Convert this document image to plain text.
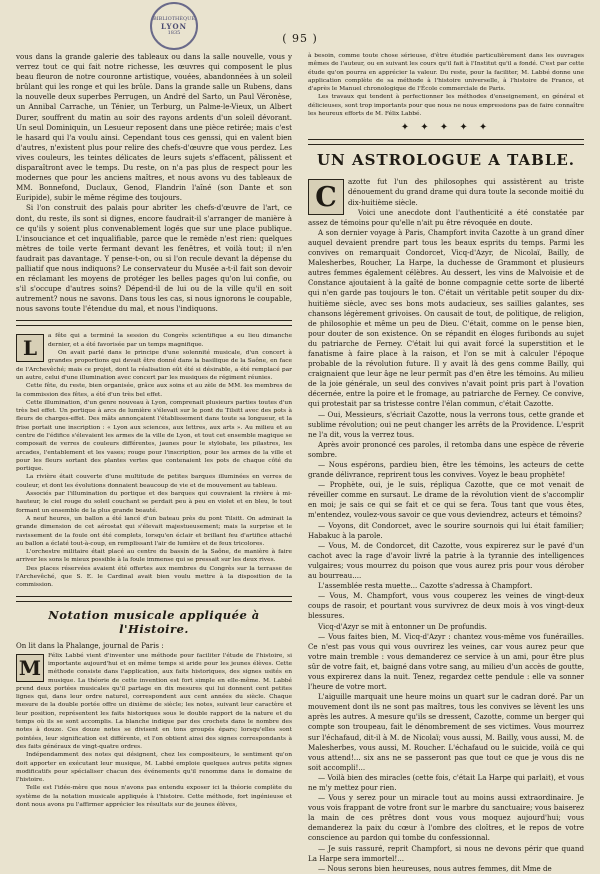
BIBLIOTHÈQUE
LYON
1835	( 95 )

vous dans la grande galerie des tableaux ou dans la salle nouvelle, vous y verrez tout ce qui fait notre richesse, les œuvres qui composent le plus beau fleuron de notre couronne artistique, vouées, abandonnées à un soleil brûlant qui les ronge et qui les brûle. Dans la grande salle un Rubens, dans la nouvelle deux superbes Perrugen, un André del Sarto, un Paul Véronèse, un Annibal Carrache, un Ténier, un Terburg, un Palme-le-Vieux, un Albert Durer, souffrent du matin au soir des rayons ardents d'un soleil dévorant. Un seul Dominiquin, un Lesueur reposent dans une pièce retirée; mais c'est le hasard qui l'a voulu ainsi. Cependant tous ces genssi, qui en valent bien d'autres, n'existent plus pour relire des chefs-d'œuvre que vous perdez. Les vives couleurs, les teintes délicates de leurs sujets s'effacent, pâlissent et disparaîtront avec le temps. Du reste, on n'a pas plus de respect pour les modernes que pour les anciens maîtres, et nous avons vu des tableaux de MM. Bonnefond, Duclaux, Genod, Flandrin l'aîné (son Dante et son Euripide), subir le même régime des toujours.

Si l'on construit des palais pour abriter les chefs-d'œuvre de l'art, ce dont, du reste, ils sont si dignes, encore faudrait-il s'arranger de manière à ce qu'ils y soient plus convenablement logés que sur une place publique. L'insouciance et cet inqualifiable, parce que le remède n'est rien: quelques mètres de toile verte fermant devant les fenêtres, et voilà tout; il n'en faudrait pas davantage. Y pense-t-on, ou si l'on recule devant la dépense du palliatif que nous indiquons? Le conservateur du Musée a-t-il fait son devoir en réclamant les moyens de protéger les belles pages qu'on lui confie, ou s'il s'occupe d'autres soins? Dépend-il de lui ou de la ville qu'il en soit autrement? nous ne savons. Dans tous les cas, si nous ignorons le coupable, nous savons toute l'étendue du mal, et nous l'indiquons.

L	a fête qui a terminé la session du Congrès scientifique a eu lieu dimanche dernier, et a été favorisée par un temps magnifique.

On avait parlé dans le principe d'une solennité musicale, d'un concert à grandes proportions qui devait être donné dans la basilique de la Saône, en face de l'Archevêché; mais ce projet, dont la réalisation eût été si désirable, a été remplacé par un autre, celui d'une illumination avec concert par les musiques de régiment réunies.

Cette fête, du reste, bien organisée, grâce aux soins et au zèle de MM. les membres de la commission des fêtes, a été d'un très bel effet.

Cette illumination, d'un genre nouveau à Lyon, comprenait plusieurs parties toutes d'un très bel effet. Un portique à arcs de lumière s'élevait sur le pont du Tilsitt avec des pots à fleurs de charges-effet. Des mâts annonçaient l'établissement dans toute sa longueur, et la frise portait une inscription : « Lyon aux sciences, aux lettres, aux arts ». Au milieu et au centre de l'édifice s'élevaient les armes de la ville de Lyon, et tout cet ensemble magique se composait de verres de couleurs différentes, jaunes pour le stylobate, les pilastres, les arcades, l'entablement et les vases; rouge pour l'inscription, pour les armes de la ville et pour les fleurs sortant des plantes vertes que contenaient les pots de chaque côté du portique.

La rivière était couverte d'une multitude de petites barques illuminées en verres de couleur, et dont les évolutions donnaient beaucoup de vie et de mouvement au tableau.

Associés par l'illumination du portique et des barques qui couvraient la rivière à mi-hauteur, le ciel rouge du soleil couchant se perdait peu à peu en violet et en bleu, le tout formant un ensemble de la plus grande beauté.

A neuf heures, un ballon a été lancé d'un bateau près du pont Tilsitt. On admirait la grande dimension de cet aérostat qui s'élevait majestueusement; mais la surprise et le ravissement de la foule ont été complets, lorsqu'en éclair et brillant feu d'artifice attaché au ballon a éclaté tout-à-coup, en remplissant l'air de lumière et de feux tricolores.

L'orchestre militaire était placé au centre du bassin de la Saône, de manière à faire arriver les sons le mieux possible à la foule immense qui se pressait sur les deux rives.

Des places réservées avaient été offertes aux membres du Congrès sur la terrasse de l'Archevêché, que S. E. le Cardinal avait bien voulu mettre à la disposition de la commission.

Notation musicale appliquée à l'Histoire.
On lit dans la Phalange, journal de Paris :

M	Félix Labbé vient d'inventer une méthode pour faciliter l'étude de l'histoire, si importante aujourd'hui et en même temps si aride pour les jeunes élèves. Cette méthode consiste dans l'application, aux faits historiques, des signes usités en musique. La théorie de cette invention est fort simple en elle-même. M. Labbé prend deux portées musicales qu'il partage en dix mesures qui lui donnent cent petites lignes qui, dans leur ordre naturel, correspondent aux cent années du siècle. Chaque mesure de la double portée offre un dixième de siècle; les notes, suivant leur caractère et leur position, représentent les faits historiques sous le double rapport de la nature et du temps où ils se sont accomplis. La blanche indique par des crochets dans le nombre des notes à douze. Ces douze notes se divisent en tons groupés épars; lorsqu'elles sont pointées, leur signification est différente, et l'on obtient ainsi des signes correspondants à des faits généraux de vingt-quatre ordres.

Indépendamment des notes qui désignent, chez les compositeurs, le sentiment qu'on doit apporter en exécutant leur musique, M. Labbé emploie quelques autres petits signes modificatifs pour spécialiser chacun des événements qu'il renomme dans le domaine de l'histoire.

Telle est l'idée-mère que nous n'avons pas entendu exposer ici la théorie complète du système de la notation musicale appliquée à l'histoire. Cette méthode, fort ingénieuse et dont nous avons pu l'affirmer apprécier les résultats sur de jeunes élèves,

à besoin, comme toute chose sérieuse, d'être étudiée particulièrement dans les ouvrages mêmes de l'auteur, ou en suivant les cours qu'il fait à l'Institut qu'il a fondé. C'est par cette étude qu'on pourra en apprécier la valeur. Du reste, pour la faciliter, M. Labbé donne une application complète de sa méthode à l'histoire universelle, à l'histoire de France, et d'après le Manuel chronologique de l'École commerciale de Paris.

Les travaux qui tendent à perfectionner les méthodes d'enseignement, en général et délicieuses, sont trop importants pour que nous ne nous empressions pas de faire connaître les heureux efforts de M. Félix Labbé.

✦ ✦ ✦ ✦ ✦
UN ASTROLOGUE A TABLE.

C	azotte fut l'un des philosophes qui assistèrent au triste dénouement du grand drame qui dura toute la seconde moitié du dix-huitième siècle.

Voici une anecdote dont l'authenticité a été constatée par assez de témoins pour qu'elle n'ait pu être révoquée en doute.

A son dernier voyage à Paris, Champfort invita Cazotte à un grand dîner auquel devaient prendre part tous les beaux esprits du temps. Parmi les convives on remarquait Condorcet, Vicq-d'Azyr, de Nicolaï, Bailly, de Malesherbes, Roucher, La Harpe, la duchesse de Grammont et plusieurs autres femmes également célèbres. Au dessert, les vins de Malvoisie et de Constance ajoutaient à la gaîté de bonne compagnie cette sorte de liberté qui n'en garde pas toujours le ton. C'était un véritable petit souper du dix-huitième siècle, avec ses bons mots audacieux, ses saillies galantes, ses chansons légèrement grivoises. On causait de tout, de politique, de religion, de philosophie et même un peu de Dieu. C'était, comme on le pense bien, pour douter de son existence. On se répandit en éloges furibonds au sujet du patriarche de Ferney. C'était lui qui avait forcé la superstition et le fanatisme à faire place à la raison, et l'on se mit à calculer l'époque probable de la révolution future. Il y avait là des gens comme Bailly, qui craignaient que leur âge ne leur permît pas d'en être les témoins. Au milieu de la joie générale, un seul des convives n'avait point pris part à l'ovation décernée, entre la poire et le fromage, au patriarche de Ferney. Ce convive, qui protestait par sa tristesse contre l'élan commun, c'était Cazotte.

— Oui, Messieurs, s'écriait Cazotte, nous la verrons tous, cette grande et sublime révolution; oui ne peut changer les arrêts de la Providence. L'esprit ne l'a dit, vous la verrez tous.

Après avoir prononcé ces paroles, il retomba dans une espèce de rêverie sombre.

— Nous espérons, pardieu bien, être les témoins, les acteurs de cette grande délivrance, reprirent tous les convives. Voyez le beau prophète!

— Prophète, oui, je le suis, répliqua Cazotte, que ce mot venait de réveiller comme en sursaut. Le drame de la révolution vient de s'accomplir en moi; je sais ce qui se fait et ce qui se fera. Tous tant que vous êtes, m'entendez, voulez-vous savoir ce que vous deviendrez, acteurs et témoins?

— Voyons, dit Condorcet, avec le sourire sournois qui lui était familier; Habakuc à la parole.

— Vous, M. de Condorcet, dit Cazotte, vous expirerez sur le pavé d'un cachot avec la rage d'avoir livré la patrie à la tyrannie des intelligences vulgaires; vous mourrez du poison que vous aurez pris pour vous dérober au bourreau....

L'assemblée resta muette... Cazotte s'adressa à Champfort.

— Vous, M. Champfort, vous vous couperez les veines de vingt-deux coups de rasoir, et pourtant vous survivrez de deux mois à vos vingt-deux blessures.

Vicq-d'Azyr se mit à entonner un De profundis.

— Vous faites bien, M. Vicq-d'Azyr : chantez vous-même vos funérailles. Ce n'est pas vous qui vous ouvrirez les veines, car vous aurez peur que votre main tremble : vous demanderez ce service à un ami, pour être plus sûr de votre fait, et, baigné dans votre sang, au milieu d'un accès de goutte, vous expirerez dans la nuit. Tenez, regardez cette pendule : elle va sonner l'heure de votre mort.

L'aiguille marquait une heure moins un quart sur le cadran doré. Par un mouvement dont ils ne sont pas maîtres, tous les convives se lèvent les uns après les autres. A mesure qu'ils se dressent, Cazotte, comme un berger qui compte son troupeau, fait le dénombrement de ses victimes. Vous mourrez sur l'échafaud, dit-il à M. de Nicolaï; vous aussi, M. Bailly, vous aussi, M. de Malesherbes, vous aussi, M. Roucher. L'échafaud ou le suicide, voilà ce qui vous attend!... six ans ne se passeront pas que tout ce que je vous dis ne soit accompli!...

— Voilà bien des miracles (cette fois, c'était La Harpe qui parlait), et vous ne m'y mettez pour rien.

— Vous y serez pour un miracle tout au moins aussi extraordinaire. Je vous vois frappant de votre front sur le marbre du sanctuaire; vous baiserez la main de ces prêtres dont vous vous moquez aujourd'hui; vous demanderez la paix du cœur à l'ombre des cloîtres, et le repos de votre conscience au pardon qui tombe du confessionnal.

— Je suis rassuré, reprit Champfort, si nous ne devons périr que quand La Harpe sera immortel!...

— Nous serons bien heureuses, nous autres femmes, dit Mme de
